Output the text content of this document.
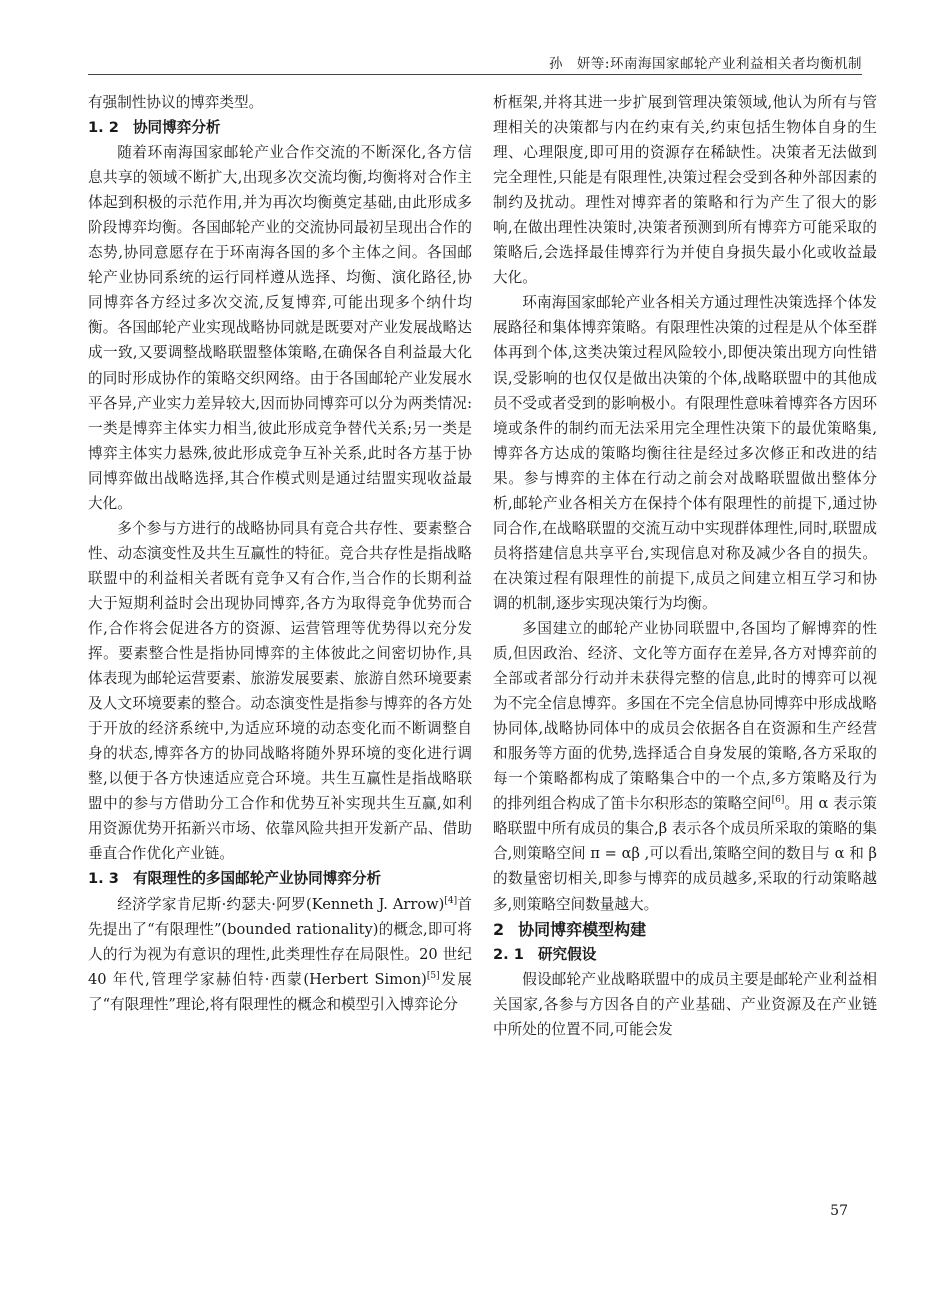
孙　妍等:环南海国家邮轮产业利益相关者均衡机制

有强制性协议的博弈类型。

1. 2 协同博弈分析

随着环南海国家邮轮产业合作交流的不断深化,各方信息共享的领域不断扩大,出现多次交流均衡,均衡将对合作主体起到积极的示范作用,并为再次均衡奠定基础,由此形成多阶段博弈均衡。各国邮轮产业的交流协同最初呈现出合作的态势,协同意愿存在于环南海各国的多个主体之间。各国邮轮产业协同系统的运行同样遵从选择、均衡、演化路径,协同博弈各方经过多次交流,反复博弈,可能出现多个纳什均衡。各国邮轮产业实现战略协同就是既要对产业发展战略达成一致,又要调整战略联盟整体策略,在确保各自利益最大化的同时形成协作的策略交织网络。由于各国邮轮产业发展水平各异,产业实力差异较大,因而协同博弈可以分为两类情况:一类是博弈主体实力相当,彼此形成竞争替代关系;另一类是博弈主体实力悬殊,彼此形成竞争互补关系,此时各方基于协同博弈做出战略选择,其合作模式则是通过结盟实现收益最大化。

多个参与方进行的战略协同具有竞合共存性、要素整合性、动态演变性及共生互赢性的特征。竞合共存性是指战略联盟中的利益相关者既有竞争又有合作,当合作的长期利益大于短期利益时会出现协同博弈,各方为取得竞争优势而合作,合作将会促进各方的资源、运营管理等优势得以充分发挥。要素整合性是指协同博弈的主体彼此之间密切协作,具体表现为邮轮运营要素、旅游发展要素、旅游自然环境要素及人文环境要素的整合。动态演变性是指参与博弈的各方处于开放的经济系统中,为适应环境的动态变化而不断调整自身的状态,博弈各方的协同战略将随外界环境的变化进行调整,以便于各方快速适应竞合环境。共生互赢性是指战略联盟中的参与方借助分工合作和优势互补实现共生互赢,如利用资源优势开拓新兴市场、依靠风险共担开发新产品、借助垂直合作优化产业链。

1. 3 有限理性的多国邮轮产业协同博弈分析

经济学家肯尼斯·约瑟夫·阿罗(Kenneth J. Arrow)[4]首先提出了“有限理性”(bounded rationality)的概念,即可将人的行为视为有意识的理性,此类理性存在局限性。20 世纪 40 年代,管理学家赫伯特·西蒙(Herbert Simon)[5]发展了“有限理性”理论,将有限理性的概念和模型引入博弈论分

析框架,并将其进一步扩展到管理决策领域,他认为所有与管理相关的决策都与内在约束有关,约束包括生物体自身的生理、心理限度,即可用的资源存在稀缺性。决策者无法做到完全理性,只能是有限理性,决策过程会受到各种外部因素的制约及扰动。理性对博弈者的策略和行为产生了很大的影响,在做出理性决策时,决策者预测到所有博弈方可能采取的策略后,会选择最佳博弈行为并使自身损失最小化或收益最大化。

环南海国家邮轮产业各相关方通过理性决策选择个体发展路径和集体博弈策略。有限理性决策的过程是从个体至群体再到个体,这类决策过程风险较小,即便决策出现方向性错误,受影响的也仅仅是做出决策的个体,战略联盟中的其他成员不受或者受到的影响极小。有限理性意味着博弈各方因环境或条件的制约而无法采用完全理性决策下的最优策略集,博弈各方达成的策略均衡往往是经过多次修正和改进的结果。参与博弈的主体在行动之前会对战略联盟做出整体分析,邮轮产业各相关方在保持个体有限理性的前提下,通过协同合作,在战略联盟的交流互动中实现群体理性,同时,联盟成员将搭建信息共享平台,实现信息对称及减少各自的损失。在决策过程有限理性的前提下,成员之间建立相互学习和协调的机制,逐步实现决策行为均衡。

多国建立的邮轮产业协同联盟中,各国均了解博弈的性质,但因政治、经济、文化等方面存在差异,各方对博弈前的全部或者部分行动并未获得完整的信息,此时的博弈可以视为不完全信息博弈。多国在不完全信息协同博弈中形成战略协同体,战略协同体中的成员会依据各自在资源和生产经营和服务等方面的优势,选择适合自身发展的策略,各方采取的每一个策略都构成了策略集合中的一个点,多方策略及行为的排列组合构成了笛卡尔积形态的策略空间[6]。用 α 表示策略联盟中所有成员的集合,β 表示各个成员所采取的策略的集合,则策略空间 π = αβ ,可以看出,策略空间的数目与 α 和 β 的数量密切相关,即参与博弈的成员越多,采取的行动策略越多,则策略空间数量越大。

2 协同博弈模型构建
2. 1 研究假设

假设邮轮产业战略联盟中的成员主要是邮轮产业利益相关国家,各参与方因各自的产业基础、产业资源及在产业链中所处的位置不同,可能会发

57
